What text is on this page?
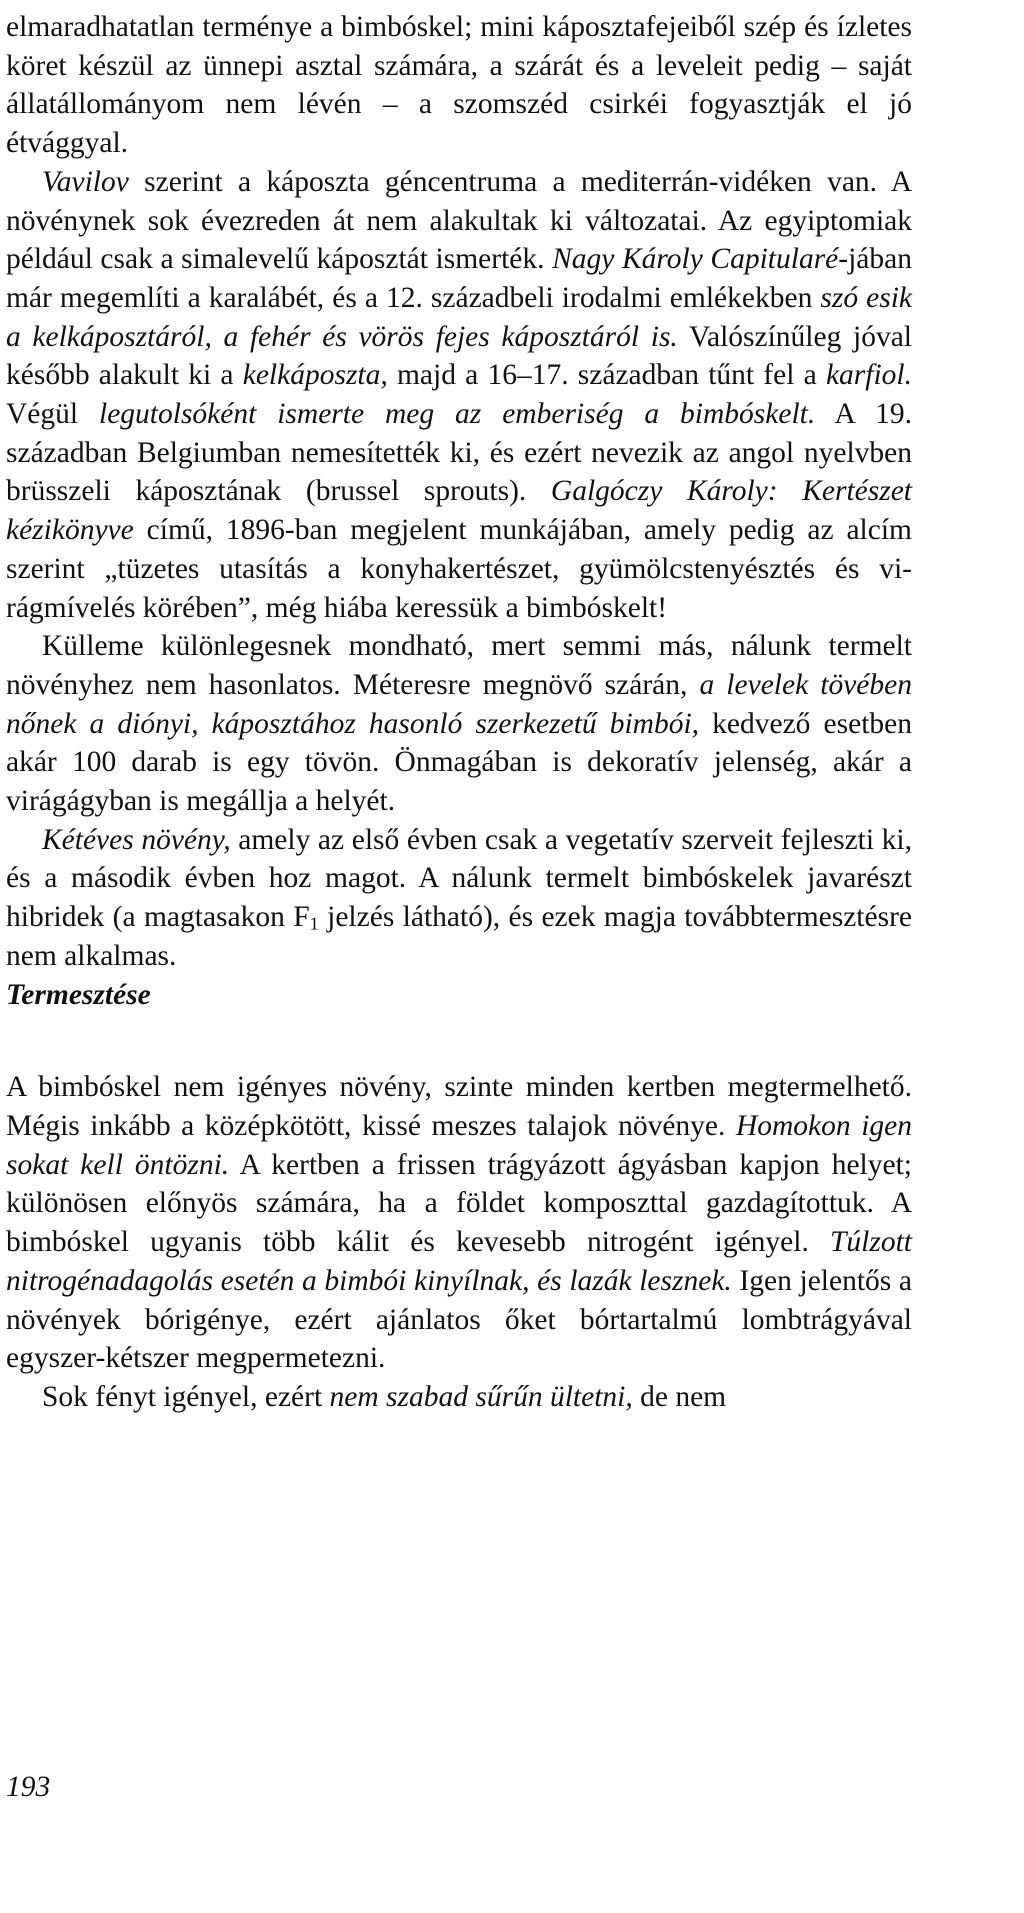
elmaradhatatlan terménye a bimbóskel; mini káposztafejeiből szép és ízletes köret készül az ünnepi asztal számára, a szárát és a leveleit pedig – saját állatállományom nem lévén – a szomszéd csirkéi fogyasztják el jó étvággyal.

Vavilov szerint a káposzta géncentruma a mediterrán-vidéken van. A növénynek sok évezreden át nem alakultak ki változatai. Az egyiptomiak például csak a simalevelű káposztát ismerték. Nagy Károly Capitularé-jában már megemlíti a karalábét, és a 12. századbeli irodalmi emlékekben szó esik a kelkáposztáról, a fehér és vörös fejes káposztáról is. Valószínűleg jóval később alakult ki a kelkáposzta, majd a 16–17. században tűnt fel a karfiol. Végül legutolsóként ismerte meg az emberiség a bimbóskelt. A 19. században Belgiumban nemesítették ki, és ezért nevezik az angol nyelvben brüsszeli káposztának (brussel sprouts). Galgóczy Károly: Kertészet kézikönyve című, 1896-ban megjelent munkájában, amely pedig az alcím szerint „tüzetes utasítás a konyhakertészet, gyümölcstenyésztés és virágmívelés körében”, még hiába keressük a bimbóskelt!

Külleme különlegesnek mondható, mert semmi más, nálunk termelt növényhez nem hasonlatos. Méteresre megnövő szárán, a levelek tövében nőnek a diónyi, káposztához hasonló szerkezetű bimbói, kedvező esetben akár 100 darab is egy tövön. Önmagában is dekoratív jelenség, akár a virágágyban is megállja a helyét.

Kétéves növény, amely az első évben csak a vegetatív szerveit fejleszti ki, és a második évben hoz magot. A nálunk termelt bimbóskelek javarészt hibridek (a magtasakon $F_1$ jelzés látható), és ezek magja továbbtermesztésre nem alkalmas.

Termesztése

A bimbóskel nem igényes növény, szinte minden kertben megtermelhető. Mégis inkább a középkötött, kissé meszes talajok növénye. Homokon igen sokat kell öntözni. A kertben a frissen trágyázott ágyásban kapjon helyet; különösen előnyös számára, ha a földet komposzttal gazdagítottuk. A bimbóskel ugyanis több kálit és kevesebb nitrogént igényel. Túlzott nitrogénadagolás esetén a bimbói kinyílnak, és lazák lesznek. Igen jelentős a növények bórigénye, ezért ajánlatos őket bórtartalmú lombtrágyával egyszer-kétszer megpermetezni.

Sok fényt igényel, ezért nem szabad sűrűn ültetni, de nem

193
